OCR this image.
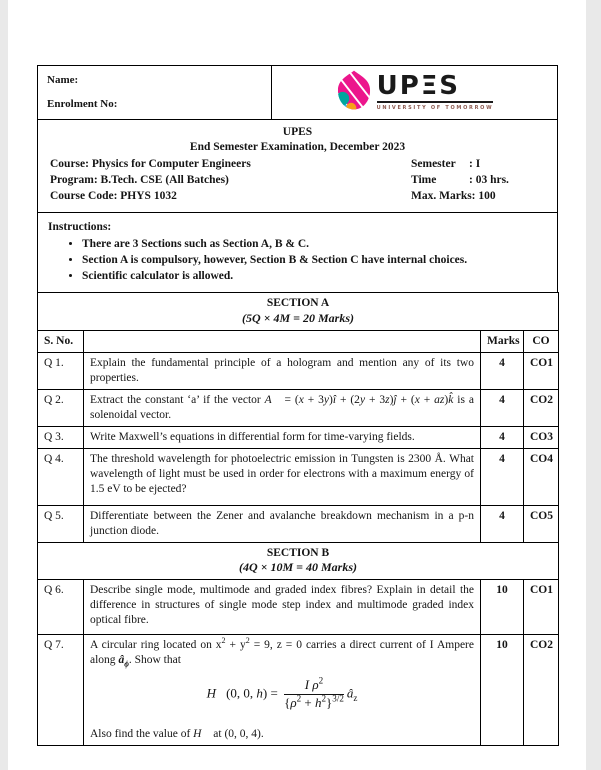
Name:
Enrolment No:
UPΞS
UNIVERSITY OF TOMORROW
UPES
End Semester Examination, December 2023
Course: Physics for Computer Engineers
Program: B.Tech. CSE (All Batches)
Course Code: PHYS 1032
Semester	: I
Time	: 03 hrs.
Max. Marks: 100
Instructions:
• There are 3 Sections such as Section A, B & C.
• Section A is compulsory, however, Section B & Section C have internal choices.
• Scientific calculator is allowed.
SECTION A
(5Q × 4M = 20 Marks)			

S. No.		Marks	CO
Q 1.	Explain the fundamental principle of a hologram and mention any of its two properties.	4	CO1
Q 2.	Extract the constant ‘a’ if the vector A⃗ = (x + 3y)î + (2y + 3z)ĵ + (x + az)k̂ is a solenoidal vector.	4	CO2
Q 3.	Write Maxwell’s equations in differential form for time-varying fields.	4	CO3
Q 4.	The threshold wavelength for photoelectric emission in Tungsten is 2300 Å. What wavelength of light must be used in order for electrons with a maximum energy of 1.5 eV to be ejected?	4	CO4
Q 5.	Differentiate between the Zener and avalanche breakdown mechanism in a p-n junction diode.	4	CO5

SECTION B
(4Q × 10M = 40 Marks)			

Q 6.	Describe single mode, multimode and graded index fibres? Explain in detail the difference in structures of single mode step index and multimode graded index optical fibre.	10	CO1
Q 7.	A circular ring located on $x^2 + y^2 = 9$, z = 0 carries a direct current of I Ampere along $â_\phi$. Show that
H⃗(0, 0, $h) = \frac{I \rho^2}{\{\rho^2 + h^2\}^{3/2}}$ $â_z$
Also find the value of H⃗ at (0, 0, 4).
	10	CO2
